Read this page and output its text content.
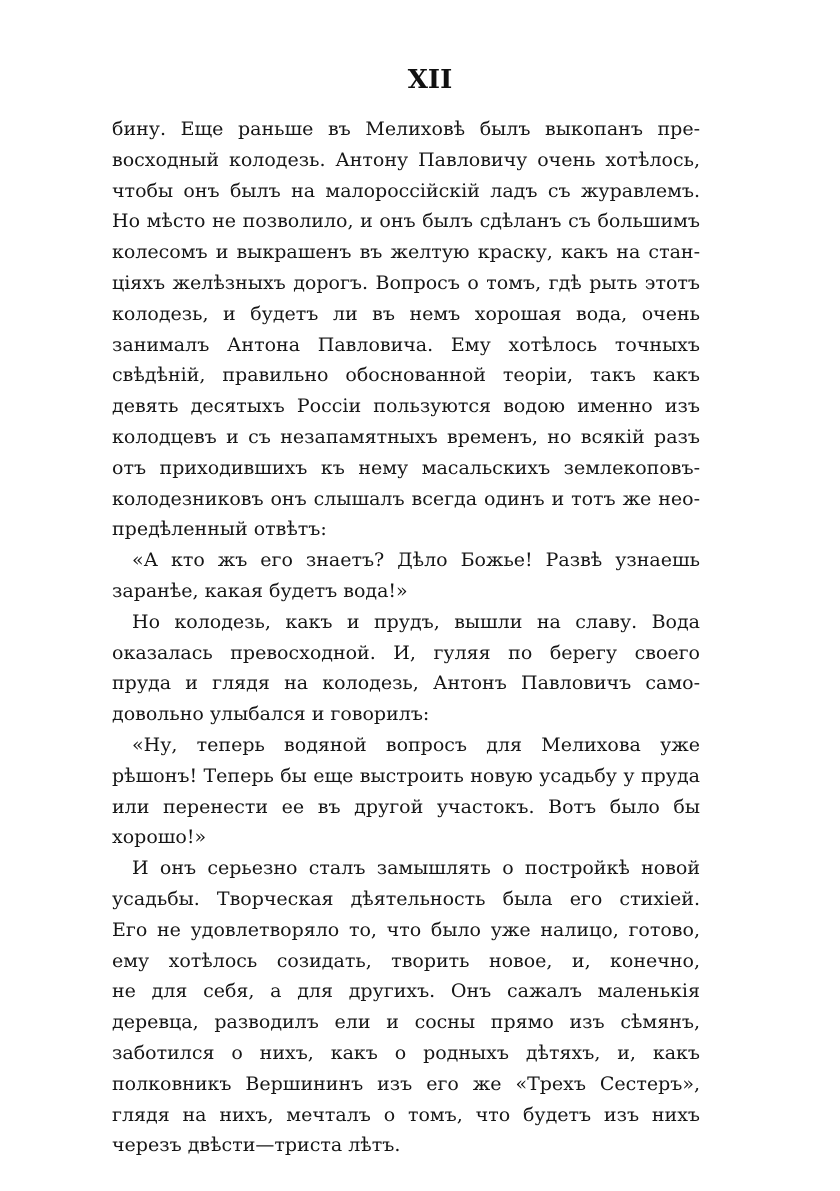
XII
бину. Еще раньше въ Мелиховѣ былъ выкопанъ пре-
восходный колодезь. Антону Павловичу очень хотѣлось,
чтобы онъ былъ на малороссійскій ладъ съ журавлемъ.
Но мѣсто не позволило, и онъ былъ сдѣланъ съ большимъ
колесомъ и выкрашенъ въ желтую краску, какъ на стан-
ціяхъ желѣзныхъ дорогъ. Вопросъ о томъ, гдѣ рыть этотъ
колодезь, и будетъ ли въ немъ хорошая вода, очень
занималъ Антона Павловича. Ему хотѣлось точныхъ
свѣдѣній, правильно обоснованной теоріи, такъ какъ
девять десятыхъ Россіи пользуются водою именно изъ
колодцевъ и съ незапамятныхъ временъ, но всякій разъ
отъ приходившихъ къ нему масальскихъ землекоповъ-
колодезниковъ онъ слышалъ всегда одинъ и тотъ же нео-
предѣленный отвѣтъ:
«А кто жъ его знаетъ? Дѣло Божье! Развѣ узнаешь
заранѣе, какая будетъ вода!»
Но колодезь, какъ и прудъ, вышли на славу. Вода
оказалась превосходной. И, гуляя по берегу своего
пруда и глядя на колодезь, Антонъ Павловичъ само-
довольно улыбался и говорилъ:
«Ну, теперь водяной вопросъ для Мелихова уже
рѣшонъ! Теперь бы еще выстроить новую усадьбу у пруда
или перенести ее въ другой участокъ. Вотъ было бы
хорошо!»
И онъ серьезно сталъ замышлять о постройкѣ новой
усадьбы. Творческая дѣятельность была его стихіей.
Его не удовлетворяло то, что было уже налицо, готово,
ему хотѣлось созидать, творить новое, и, конечно,
не для себя, а для другихъ. Онъ сажалъ маленькія
деревца, разводилъ ели и сосны прямо изъ сѣмянъ,
заботился о нихъ, какъ о родныхъ дѣтяхъ, и, какъ
полковникъ Вершининъ изъ его же «Трехъ Сестеръ»,
глядя на нихъ, мечталъ о томъ, что будетъ изъ нихъ
черезъ двѣсти—триста лѣтъ.
